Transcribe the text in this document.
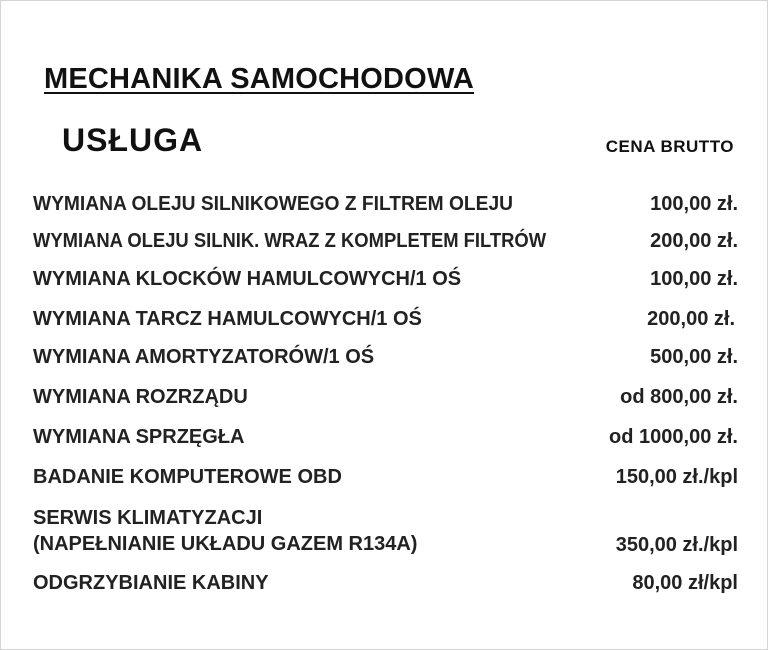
MECHANIKA SAMOCHODOWA
USŁUGA	CENA BRUTTO
WYMIANA OLEJU SILNIKOWEGO Z FILTREM OLEJU	100,00 zł.
WYMIANA OLEJU SILNIK. WRAZ Z KOMPLETEM FILTRÓW	200,00 zł.
WYMIANA KLOCKÓW HAMULCOWYCH/1 OŚ	100,00 zł.
WYMIANA TARCZ HAMULCOWYCH/1 OŚ	200,00 zł.
WYMIANA AMORTYZATORÓW/1 OŚ	500,00 zł.
WYMIANA ROZRZĄDU	od 800,00 zł.
WYMIANA SPRZĘGŁA	od 1000,00 zł.
BADANIE KOMPUTEROWE OBD	150,00 zł./kpl
SERWIS KLIMATYZACJI
(NAPEŁNIANIE UKŁADU GAZEM R134A)	350,00 zł./kpl
ODGRZYBIANIE KABINY	80,00 zł/kpl
